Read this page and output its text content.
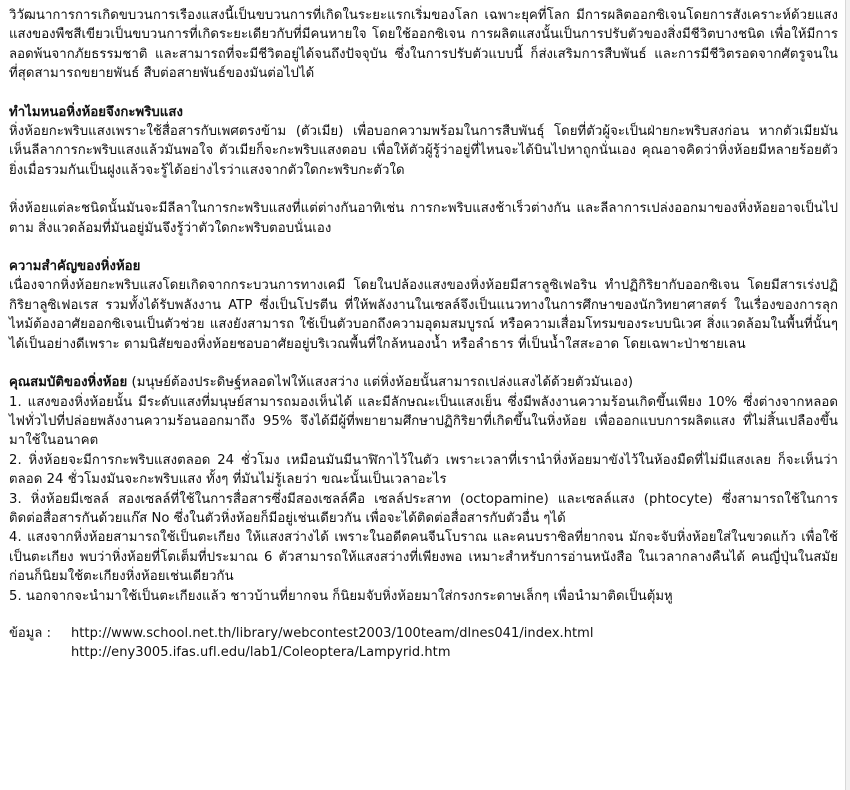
วิวัฒนาการการเกิดขบวนการเรืองแสงนี้เป็นขบวนการที่เกิดในระยะแรกเริ่มของโลก เฉพาะยุคที่โลก มีการผลิตออกซิเจนโดยการสังเคราะห์ด้วยแสง แสงของพืชสีเขียวเป็นขบวนการที่เกิดระยะเดียวกับที่มีคนหายใจ โดยใช้ออกซิเจน การผลิตแสงนั้นเป็นการปรับตัวของสิ่งมีชีวิตบางชนิด เพื่อให้มีการลอดพ้นจากภัยธรรมชาติ และสามารถที่จะมีชีวิตอยู่ได้จนถึงปัจจุบัน ซึ่งในการปรับตัวแบบนี้ ก็ส่งเสริมการสืบพันธ์ และการมีชีวิตรอดจากศัตรูจนในที่สุดสามารถขยายพันธ์ สืบต่อสายพันธ์ของมันต่อไปได้

ทำไมหนอหิ่งห้อยจึงกะพริบแสง

หิ่งห้อยกะพริบแสงเพราะใช้สื่อสารกับเพศตรงข้าม (ตัวเมีย) เพื่อบอกความพร้อมในการสืบพันธุ์ โดยที่ตัวผู้จะเป็นฝ่ายกะพริบสงก่อน หากตัวเมียมันเห็นลีลาการกะพริบแสงแล้วมันพอใจ ตัวเมียก็จะกะพริบแสงตอบ เพื่อให้ตัวผู้รู้ว่าอยู่ที่ไหนจะได้บินไปหาถูกนั่นเอง คุณอาจคิดว่าหิ่งห้อยมีหลายร้อยตัว ยิ่งเมื่อรวมกันเป็นฝูงแล้วจะรู้ได้อย่างไรว่าแสงจากตัวใดกะพริบกะตัวใด

หิ่งห้อยแต่ละชนิดนั้นมันจะมีลีลาในการกะพริบแสงที่แต่ต่างกันอาทิเช่น การกะพริบแสงช้าเร็วต่างกัน และลีลาการเปล่งออกมาของหิ่งห้อยอาจเป็นไปตาม สิ่งแวดล้อมที่มันอยู่มันจึงรู้ว่าตัวใดกะพริบตอบนั่นเอง

ความสำคัญของหิ่งห้อย

เนื่องจากหิ่งห้อยกะพริบแสงโดยเกิดจากกระบวนการทางเคมี โดยในปล้องแสงของหิ่งห้อยมีสารลูซิเฟอริน ทำปฏิกิริยากับออกซิเจน โดยมีสารเร่งปฏิกิริยาลูซิเฟอเรส รวมทั้งได้รับพลังงาน ATP ซึ่งเป็นโปรตีน ที่ให้พลังงานในเซลล์จึงเป็นแนวทางในการศึกษาของนักวิทยาศาสตร์ ในเรื่องของการลุกไหม้ต้องอาศัยออกซิเจนเป็นตัวช่วย แสงยังสามารถ ใช้เป็นตัวบอกถึงความอุดมสมบูรณ์ หรือความเสื่อมโทรมของระบบนิเวศ สิ่งแวดล้อมในพื้นที่นั้นๆ ได้เป็นอย่างดีเพราะ ตามนิสัยของหิ่งห้อยชอบอาศัยอยู่บริเวณพื้นที่ใกล้หนองน้ำ หรือลำธาร ที่เป็นน้ำใสสะอาด โดยเฉพาะป่าชายเลน

คุณสมบัติของหิ่งห้อย (มนุษย์ต้องประดิษฐ์หลอดไฟให้แสงสว่าง แต่หิ่งห้อยนั้นสามารถเปล่งแสงได้ด้วยตัวมันเอง)

1. แสงของหิ่งห้อยนั้น มีระดับแสงที่มนุษย์สามารถมองเห็นได้ และมีลักษณะเป็นแสงเย็น ซึ่งมีพลังงานความร้อนเกิดขึ้นเพียง 10% ซึ่งต่างจากหลอดไฟทั่วไปที่ปล่อยพลังงานความร้อนออกมาถึง 95% จึงได้มีผู้ที่พยายามศึกษาปฏิกิริยาที่เกิดขึ้นในหิ่งห้อย เพื่อออกแบบการผลิตแสง ที่ไม่สิ้นเปลืองขึ้นมาใช้ในอนาคต

2. หิ่งห้อยจะมีการกะพริบแสงตลอด 24 ชั่วโมง เหมือนมันมีนาฬิกาไว้ในตัว เพราะเวลาที่เรานำหิ่งห้อยมาขังไว้ในห้องมืดที่ไม่มีแสงเลย ก็จะเห็นว่าตลอด 24 ชั่วโมงมันจะกะพริบแสง ทั้งๆ ที่มันไม่รู้เลยว่า ขณะนั้นเป็นเวลาอะไร

3. หิ่งห้อยมีเซลล์ สองเซลล์ที่ใช้ในการสื่อสารซึ่งมีสองเซลล์คือ เซลล์ประสาท (octopamine) และเซลล์แสง (phtocyte) ซึ่งสามารถใช้ในการติดต่อสื่อสารกันด้วยแก๊ส No ซึ่งในตัวหิ่งห้อยก็มีอยู่เช่นเดียวกัน เพื่อจะได้ติดต่อสื่อสารกับตัวอื่น ๆได้

4. แสงจากหิ่งห้อยสามารถใช้เป็นตะเกียง ให้แสงสว่างได้ เพราะในอดีตคนจีนโบราณ และคนบราซิลที่ยากจน มักจะจับหิ่งห้อยใส่ในขวดแก้ว เพื่อใช้เป็นตะเกียง พบว่าหิ่งห้อยที่โตเต็มที่ประมาณ 6 ตัวสามารถให้แสงสว่างที่เพียงพอ เหมาะสำหรับการอ่านหนังสือ ในเวลากลางคืนได้ คนญี่ปุ่นในสมัยก่อนก็นิยมใช้ตะเกียงหิ่งห้อยเช่นเดียวกัน

5. นอกจากจะนำมาใช้เป็นตะเกียงแล้ว ชาวบ้านที่ยากจน ก็นิยมจับหิ่งห้อยมาใส่กรงกระดาษเล็กๆ เพื่อนำมาติดเป็นตุ้มหู

ข้อมูล :http://www.school.net.th/library/webcontest2003/100team/dlnes041/index.html

http://eny3005.ifas.ufl.edu/lab1/Coleoptera/Lampyrid.htm
